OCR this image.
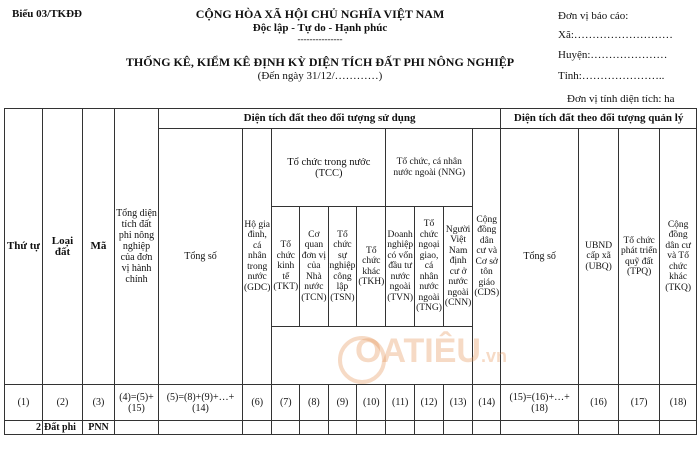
Biểu 03/TKĐĐ	CỘNG HÒA XÃ HỘI CHỦ NGHĨA VIỆT NAM
Độc lập - Tự do - Hạnh phúc
---------------
THỐNG KÊ, KIỂM KÊ ĐỊNH KỲ DIỆN TÍCH ĐẤT PHI NÔNG NGHIỆP
(Đến ngày 31/12/…………)
Đơn vị báo cáo:
Xã:………………………
Huyện:…………………
Tỉnh:…………………..
Đơn vị tính diện tích: ha
Thứ tự	Loại đất	Mã	Tổng diện tích đất phi nông nghiệp của đơn vị hành chính	Diện tích đất theo đối tượng sử dụng										Diện tích đất theo đối tượng quản lý			
				Tổng số	Hộ gia đình, cá nhân trong nước (GDC)	Tổ chức trong nước (TCC)				Tổ chức, cá nhân nước ngoài (NNG)			Cộng đồng dân cư và Cơ sở tôn giáo (CDS)	Tổng số	UBND cấp xã (UBQ)	Tổ chức phát triển quỹ đất (TPQ)	Cộng đồng dân cư và Tổ chức khác (TKQ)
						Tổ chức kinh tế (TKT)	Cơ quan đơn vị của Nhà nước (TCN)	Tổ chức sự nghiệp công lập (TSN)	Tổ chức khác (TKH)	Doanh nghiệp có vốn đầu tư nước ngoài (TVN)	Tổ chức ngoại giao, cá nhân nước ngoài (TNG)	Người Việt Nam định cư ở nước ngoài (CNN)					

(1)	(2)	(3)	(4)=(5)+(15)	(5)=(8)+(9)+…+(14)	(6)	(7)	(8)	(9)	(10)	(11)	(12)	(13)	(14)	(15)=(16)+…+(18)	(16)	(17)	(18)
2	Đất phi	PNN															
OATIÊU.vn
